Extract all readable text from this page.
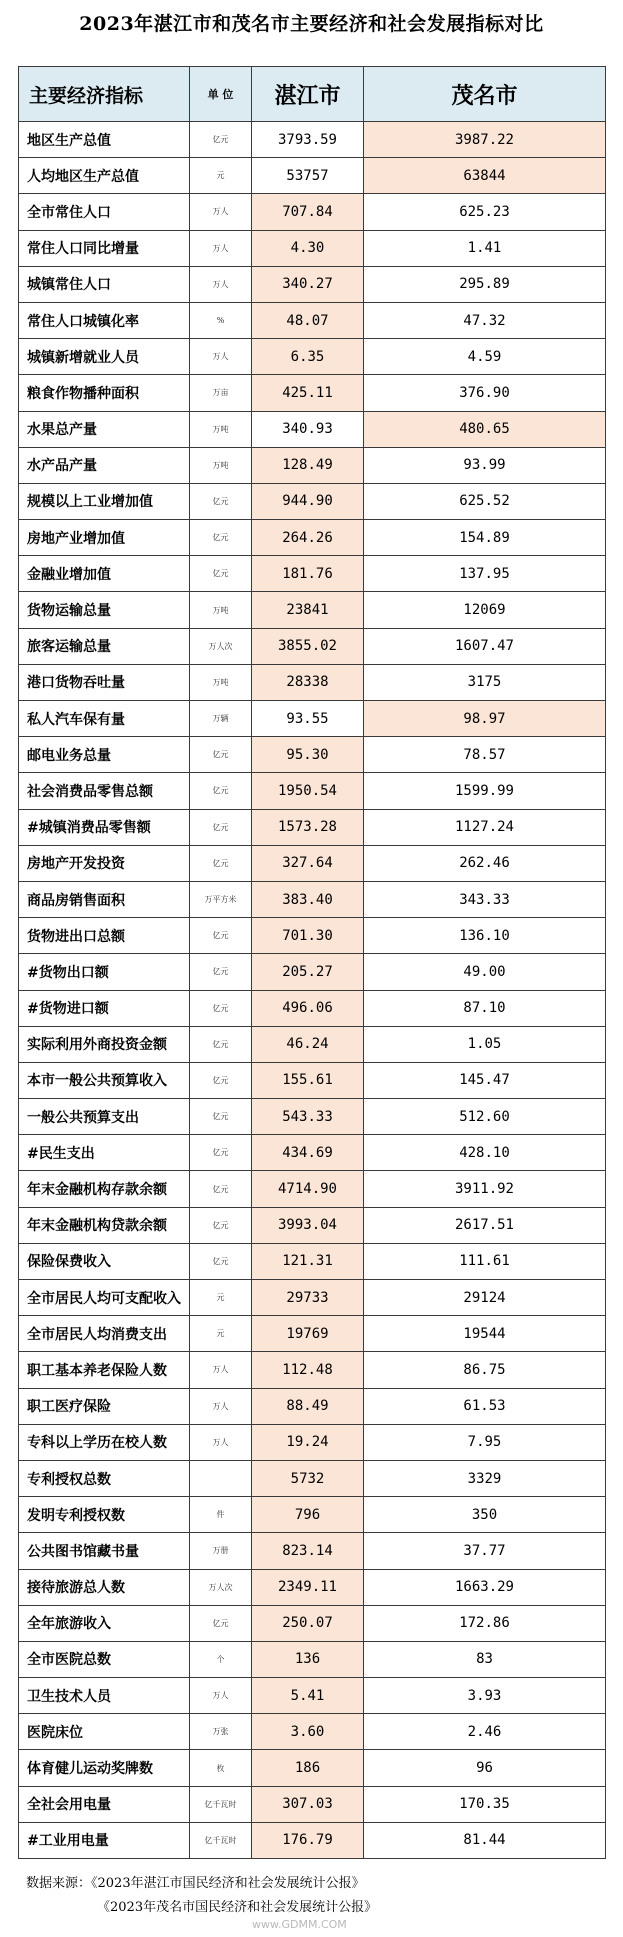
2023年湛江市和茂名市主要经济和社会发展指标对比
主要经济指标	单 位	湛江市	茂名市
地区生产总值	亿元	3793.59	3987.22
人均地区生产总值	元	53757	63844
全市常住人口	万人	707.84	625.23
常住人口同比增量	万人	4.30	1.41
城镇常住人口	万人	340.27	295.89
常住人口城镇化率	%	48.07	47.32
城镇新增就业人员	万人	6.35	4.59
粮食作物播种面积	万亩	425.11	376.90
水果总产量	万吨	340.93	480.65
水产品产量	万吨	128.49	93.99
规模以上工业增加值	亿元	944.90	625.52
房地产业增加值	亿元	264.26	154.89
金融业增加值	亿元	181.76	137.95
货物运输总量	万吨	23841	12069
旅客运输总量	万人次	3855.02	1607.47
港口货物吞吐量	万吨	28338	3175
私人汽车保有量	万辆	93.55	98.97
邮电业务总量	亿元	95.30	78.57
社会消费品零售总额	亿元	1950.54	1599.99
#城镇消费品零售额	亿元	1573.28	1127.24
房地产开发投资	亿元	327.64	262.46
商品房销售面积	万平方米	383.40	343.33
货物进出口总额	亿元	701.30	136.10
#货物出口额	亿元	205.27	49.00
#货物进口额	亿元	496.06	87.10
实际利用外商投资金额	亿元	46.24	1.05
本市一般公共预算收入	亿元	155.61	145.47
一般公共预算支出	亿元	543.33	512.60
#民生支出	亿元	434.69	428.10
年末金融机构存款余额	亿元	4714.90	3911.92
年末金融机构贷款余额	亿元	3993.04	2617.51
保险保费收入	亿元	121.31	111.61
全市居民人均可支配收入	元	29733	29124
全市居民人均消费支出	元	19769	19544
职工基本养老保险人数	万人	112.48	86.75
职工医疗保险	万人	88.49	61.53
专科以上学历在校人数	万人	19.24	7.95
专利授权总数		5732	3329
发明专利授权数	件	796	350
公共图书馆藏书量	万册	823.14	37.77
接待旅游总人数	万人次	2349.11	1663.29
全年旅游收入	亿元	250.07	172.86
全市医院总数	个	136	83
卫生技术人员	万人	5.41	3.93
医院床位	万张	3.60	2.46
体育健儿运动奖牌数	枚	186	96
全社会用电量	亿千瓦时	307.03	170.35
#工业用电量	亿千瓦时	176.79	81.44
数据来源：《2023年湛江市国民经济和社会发展统计公报》
《2023年茂名市国民经济和社会发展统计公报》
www.GDMM.COM
